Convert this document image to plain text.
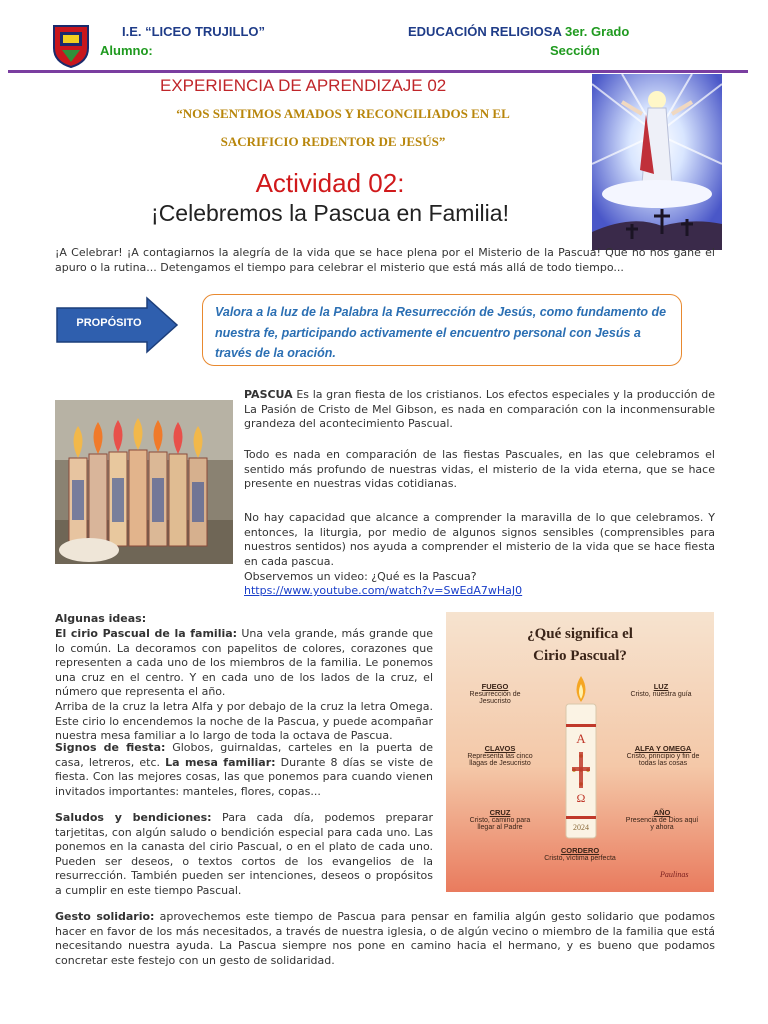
I.E. “LICEO TRUJILLO”
Alumno:
EDUCACIÓN RELIGIOSA 3er. Grado
Sección
EXPERIENCIA DE APRENDIZAJE 02
“NOS SENTIMOS AMADOS Y RECONCILIADOS EN EL
SACRIFICIO REDENTOR DE JESÚS”
Actividad 02:
¡Celebremos la Pascua en Familia!
¡A Celebrar! ¡A contagiarnos la alegría de la vida que se hace plena por el Misterio de la Pascua! Que no nos gane el apuro o la rutina... Detengamos el tiempo para celebrar el misterio que está más allá de todo tiempo...
PROPÓSITO
Valora a la luz de la Palabra la Resurrección de Jesús, como fundamento de nuestra fe, participando activamente el encuentro personal con Jesús a través de la oración.
PASCUA Es la gran fiesta de los cristianos. Los efectos especiales y la producción de La Pasión de Cristo de Mel Gibson, es nada en comparación con la inconmensurable grandeza del acontecimiento Pascual.
Todo es nada en comparación de las fiestas Pascuales, en las que celebramos el sentido más profundo de nuestras vidas, el misterio de la vida eterna, que se hace presente en nuestras vidas cotidianas.
No hay capacidad que alcance a comprender la maravilla de lo que celebramos. Y entonces, la liturgia, por medio de algunos signos sensibles (comprensibles para nuestros sentidos) nos ayuda a comprender el misterio de la vida que se hace fiesta en cada pascua.
Observemos un video: ¿Qué es la Pascua?
https://www.youtube.com/watch?v=SwEdA7wHaJ0
Algunas ideas:
El cirio Pascual de la familia: Una vela grande, más grande que lo común. La decoramos con papelitos de colores, corazones que representen a cada uno de los miembros de la familia. Le ponemos una cruz en el centro. Y en cada uno de los lados de la cruz, el número que representa el año.
Arriba de la cruz la letra Alfa y por debajo de la cruz la letra Omega. Este cirio lo encendemos la noche de la Pascua, y puede acompañar nuestra mesa familiar a lo largo de toda la octava de Pascua.
Signos de fiesta: Globos, guirnaldas, carteles en la puerta de casa, letreros, etc. La mesa familiar: Durante 8 días se viste de fiesta. Con las mejores cosas, las que ponemos para cuando vienen invitados importantes: manteles, flores, copas...
Saludos y bendiciones: Para cada día, podemos preparar tarjetitas, con algún saludo o bendición especial para cada uno. Las ponemos en la canasta del cirio Pascual, o en el plato de cada uno. Pueden ser deseos, o textos cortos de los evangelios de la resurrección. También pueden ser intenciones, deseos o propósitos a cumplir en este tiempo Pascual.
Gesto solidario: aprovechemos este tiempo de Pascua para pensar en familia algún gesto solidario que podamos hacer en favor de los más necesitados, a través de nuestra iglesia, o de algún vecino o miembro de la familia que está necesitando nuestra ayuda. La Pascua siempre nos pone en camino hacia el hermano, y es bueno que podamos concretar este festejo con un gesto de solidaridad.
¿Qué significa el
Cirio Pascual?
A
Ω
2024
FUEGO
Resurrección de Jesucristo
LUZ
Cristo, nuestra guía
CLAVOS
Representa las cinco llagas de Jesucristo
ALFA Y OMEGA
Cristo, principio y fin de todas las cosas
CRUZ
Cristo, camino para llegar al Padre
AÑO
Presencia de Dios aquí y ahora
CORDERO
Cristo, víctima perfecta
Paulinas
